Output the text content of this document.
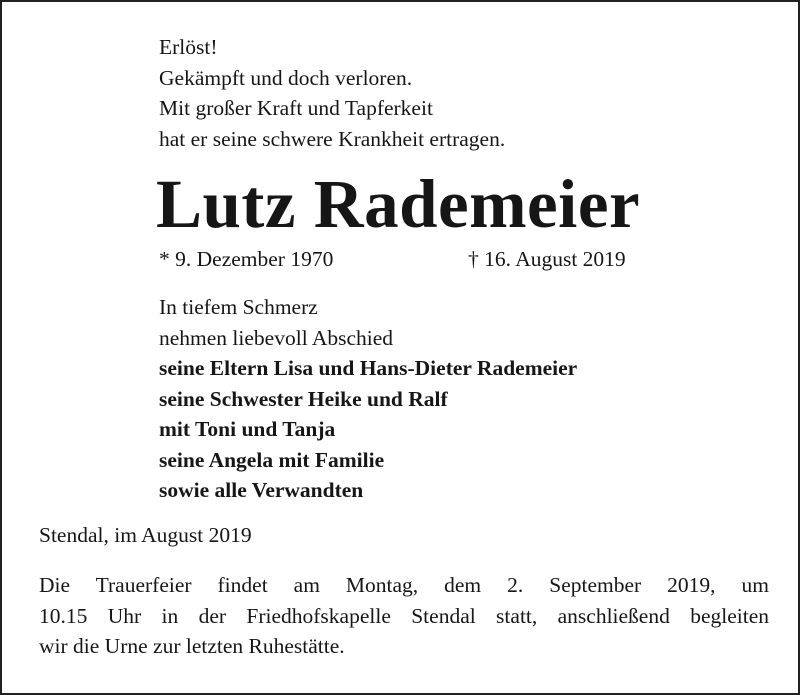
Erlöst!
Gekämpft und doch verloren.
Mit großer Kraft und Tapferkeit
hat er seine schwere Krankheit ertragen.
Lutz Rademeier
* 9. Dezember 1970	† 16. August 2019
In tiefem Schmerz
nehmen liebevoll Abschied
seine Eltern Lisa und Hans-Dieter Rademeier
seine Schwester Heike und Ralf
mit Toni und Tanja
seine Angela mit Familie
sowie alle Verwandten
Stendal, im August 2019
Die Trauerfeier findet am Montag, dem 2. September 2019, um
10.15 Uhr in der Friedhofskapelle Stendal statt, anschließend begleiten
wir die Urne zur letzten Ruhestätte.
